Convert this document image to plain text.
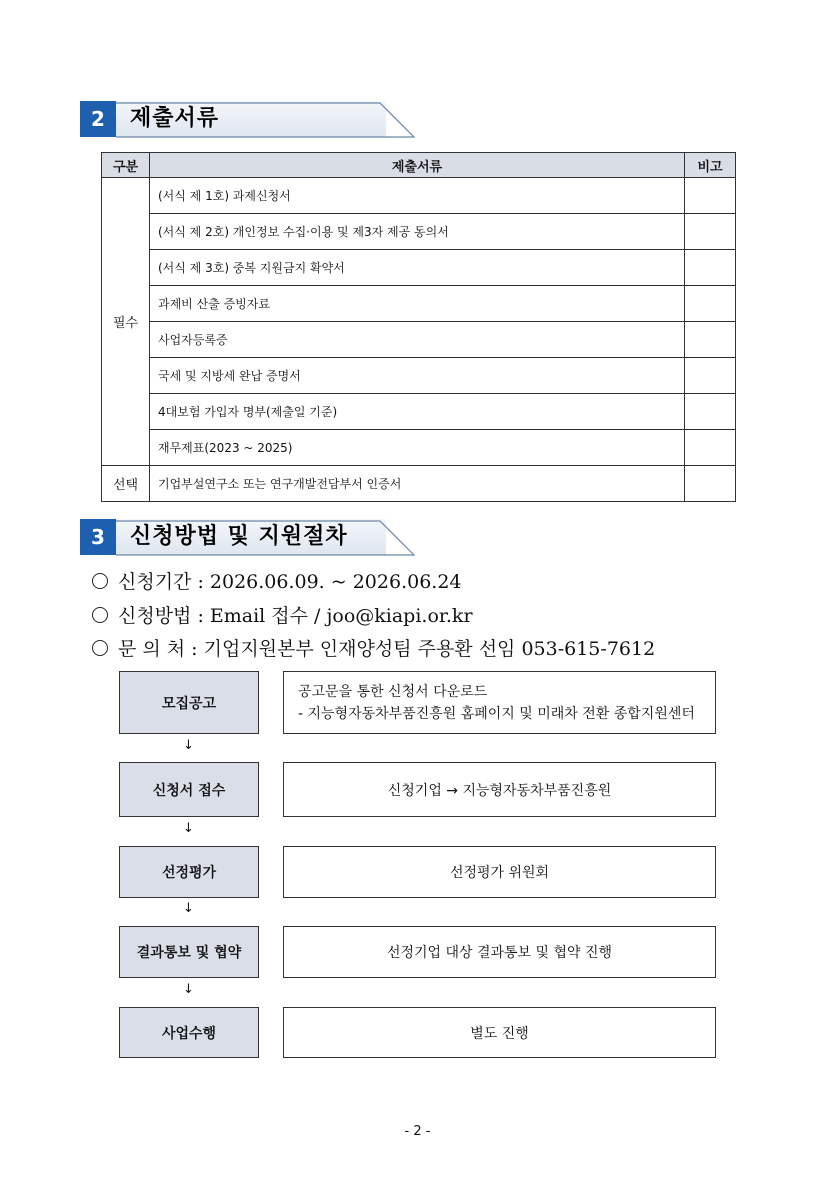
2	제출서류
구분	제출서류	비고
필수	(서식 제 1호) 과제신청서	
	(서식 제 2호) 개인정보 수집·이용 및 제3자 제공 동의서	
	(서식 제 3호) 중복 지원금지 확약서	
	과제비 산출 증빙자료	
	사업자등록증	
	국세 및 지방세 완납 증명서	
	4대보험 가입자 명부(제출일 기준)	
	재무제표(2023 ~ 2025)	
선택	기업부설연구소 또는 연구개발전담부서 인증서	
3	신청방법 및 지원절차
신청기간 : 2026.06.09. ~ 2026.06.24
신청방법 : Email 접수 / joo@kiapi.or.kr
문 의 처 : 기업지원본부 인재양성팀 주용환 선임 053-615-7612
모집공고
공고문을 통한 신청서 다운로드
- 지능형자동차부품진흥원 홈페이지 및 미래차 전환 종합지원센터
↓
신청서 접수	신청기업 → 지능형자동차부품진흥원
↓
선정평가	선정평가 위원회
↓
결과통보 및 협약	선정기업 대상 결과통보 및 협약 진행
↓
사업수행	별도 진행
- 2 -
